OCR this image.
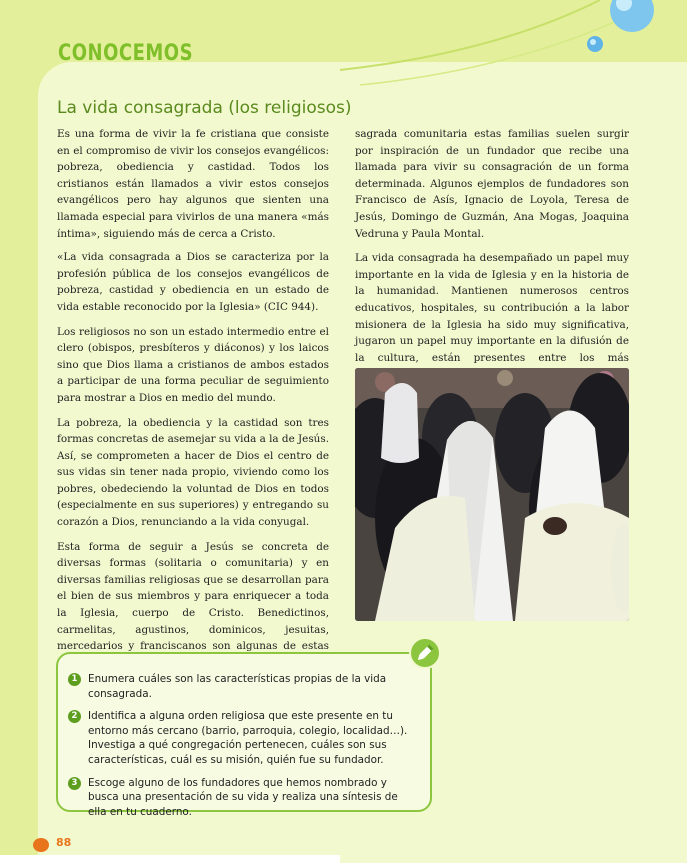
CONOCEMOS
La vida consagrada (los religiosos)

Es una forma de vivir la fe cristiana que consiste en el compromiso de vivir los consejos evangélicos: pobreza, obediencia y castidad. Todos los cristianos están llamados a vivir estos consejos evangélicos pero hay algunos que sienten una llamada especial para vivirlos de una manera «más íntima», siguiendo más de cerca a Cristo.

«La vida consagrada a Dios se caracteriza por la profesión pública de los consejos evangélicos de pobreza, castidad y obediencia en un estado de vida estable reconocido por la Iglesia» (CIC 944).

Los religiosos no son un estado intermedio entre el clero (obispos, presbíteros y diáconos) y los laicos sino que Dios llama a cristianos de ambos estados a participar de una forma peculiar de seguimiento para mostrar a Dios en medio del mundo.

La pobreza, la obediencia y la castidad son tres formas concretas de asemejar su vida a la de Jesús. Así, se comprometen a hacer de Dios el centro de sus vidas sin tener nada propio, viviendo como los pobres, obedeciendo la voluntad de Dios en todos (especialmente en sus superiores) y entregando su corazón a Dios, renunciando a la vida conyugal.

Esta forma de seguir a Jesús se concreta de diversas formas (solitaria o comunitaria) y en diversas familias religiosas que se desarrollan para el bien de sus miembros y para enriquecer a toda la Iglesia, cuerpo de Cristo. Benedictinos, carmelitas, agustinos, dominicos, jesuitas, mercedarios y franciscanos son algunas de estas

sagrada comunitaria estas familias suelen surgir por inspiración de un fundador que recibe una llamada para vivir su consagración de un forma determinada. Algunos ejemplos de fundadores son Francisco de Asís, Ignacio de Loyola, Teresa de Jesús, Domingo de Guzmán, Ana Mogas, Joaquina Vedruna y Paula Montal.

La vida consagrada ha desempañado un papel muy importante en la vida de Iglesia y en la historia de la humanidad. Mantienen numerosos centros educativos, hospitales, su contribución a la labor misionera de la Iglesia ha sido muy significativa, jugaron un papel muy importante en la difusión de la cultura, están presentes entre los más

1	Enumera cuáles son las características propias de la vida consagrada.
2	Identifica a alguna orden religiosa que este presente en tu entorno más cercano (barrio, parroquia, colegio, localidad…). Investiga a qué congregación pertenecen, cuáles son sus características, cuál es su misión, quién fue su fundador.
3	Escoge alguno de los fundadores que hemos nombrado y busca una presentación de su vida y realiza una síntesis de ella en tu cuaderno.
88
